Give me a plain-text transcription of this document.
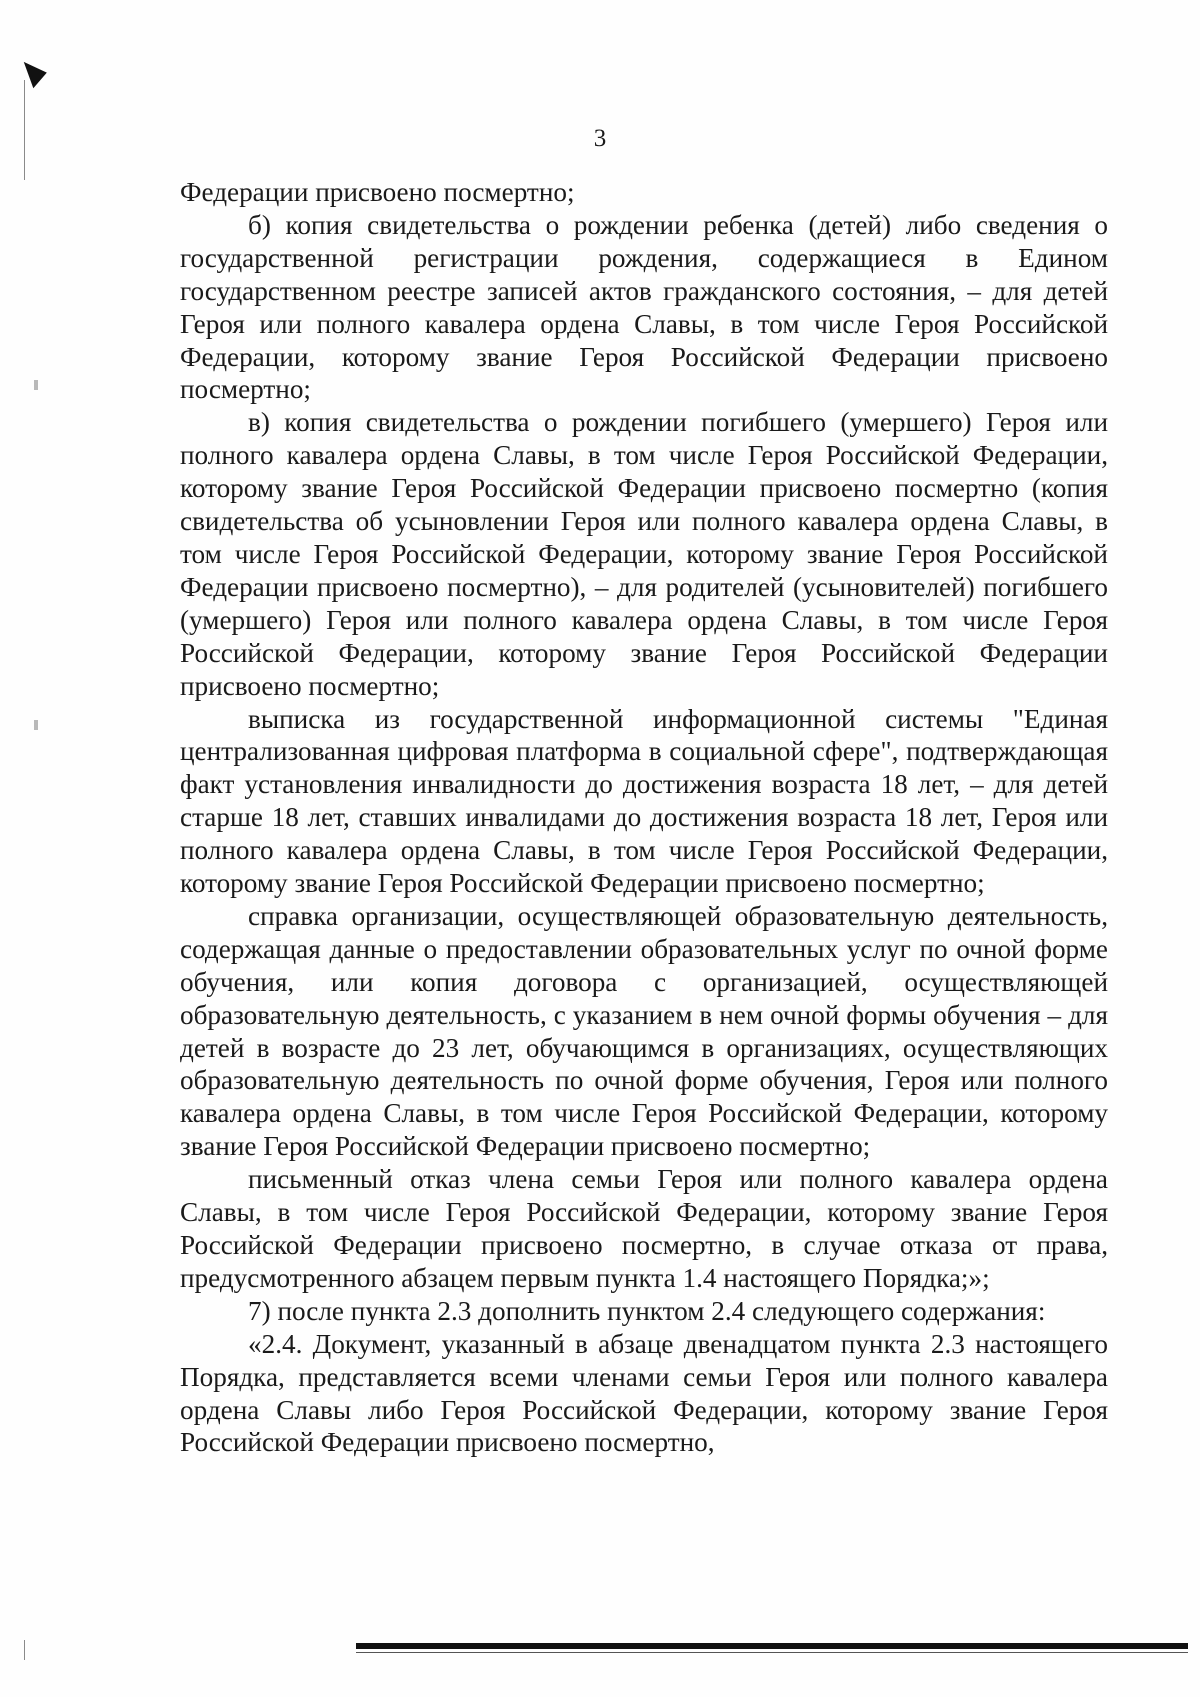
3

Федерации присвоено посмертно;

б) копия свидетельства о рождении ребенка (детей) либо сведения о государственной регистрации рождения, содержащиеся в Едином государственном реестре записей актов гражданского состояния, – для детей Героя или полного кавалера ордена Славы, в том числе Героя Российской Федерации, которому звание Героя Российской Федерации присвоено посмертно;

в) копия свидетельства о рождении погибшего (умершего) Героя или полного кавалера ордена Славы, в том числе Героя Российской Федерации, которому звание Героя Российской Федерации присвоено посмертно (копия свидетельства об усыновлении Героя или полного кавалера ордена Славы, в том числе Героя Российской Федерации, которому звание Героя Российской Федерации присвоено посмертно), – для родителей (усыновителей) погибшего (умершего) Героя или полного кавалера ордена Славы, в том числе Героя Российской Федерации, которому звание Героя Российской Федерации присвоено посмертно;

выписка из государственной информационной системы "Единая централизованная цифровая платформа в социальной сфере", подтверждающая факт установления инвалидности до достижения возраста 18 лет, – для детей старше 18 лет, ставших инвалидами до достижения возраста 18 лет, Героя или полного кавалера ордена Славы, в том числе Героя Российской Федерации, которому звание Героя Российской Федерации присвоено посмертно;

справка организации, осуществляющей образовательную деятельность, содержащая данные о предоставлении образовательных услуг по очной форме обучения, или копия договора с организацией, осуществляющей образовательную деятельность, с указанием в нем очной формы обучения – для детей в возрасте до 23 лет, обучающимся в организациях, осуществляющих образовательную деятельность по очной форме обучения, Героя или полного кавалера ордена Славы, в том числе Героя Российской Федерации, которому звание Героя Российской Федерации присвоено посмертно;

письменный отказ члена семьи Героя или полного кавалера ордена Славы, в том числе Героя Российской Федерации, которому звание Героя Российской Федерации присвоено посмертно, в случае отказа от права, предусмотренного абзацем первым пункта 1.4 настоящего Порядка;»;

7) после пункта 2.3 дополнить пунктом 2.4 следующего содержания:

«2.4. Документ, указанный в абзаце двенадцатом пункта 2.3 настоящего Порядка, представляется всеми членами семьи Героя или полного кавалера ордена Славы либо Героя Российской Федерации, которому звание Героя Российской Федерации присвоено посмертно,
